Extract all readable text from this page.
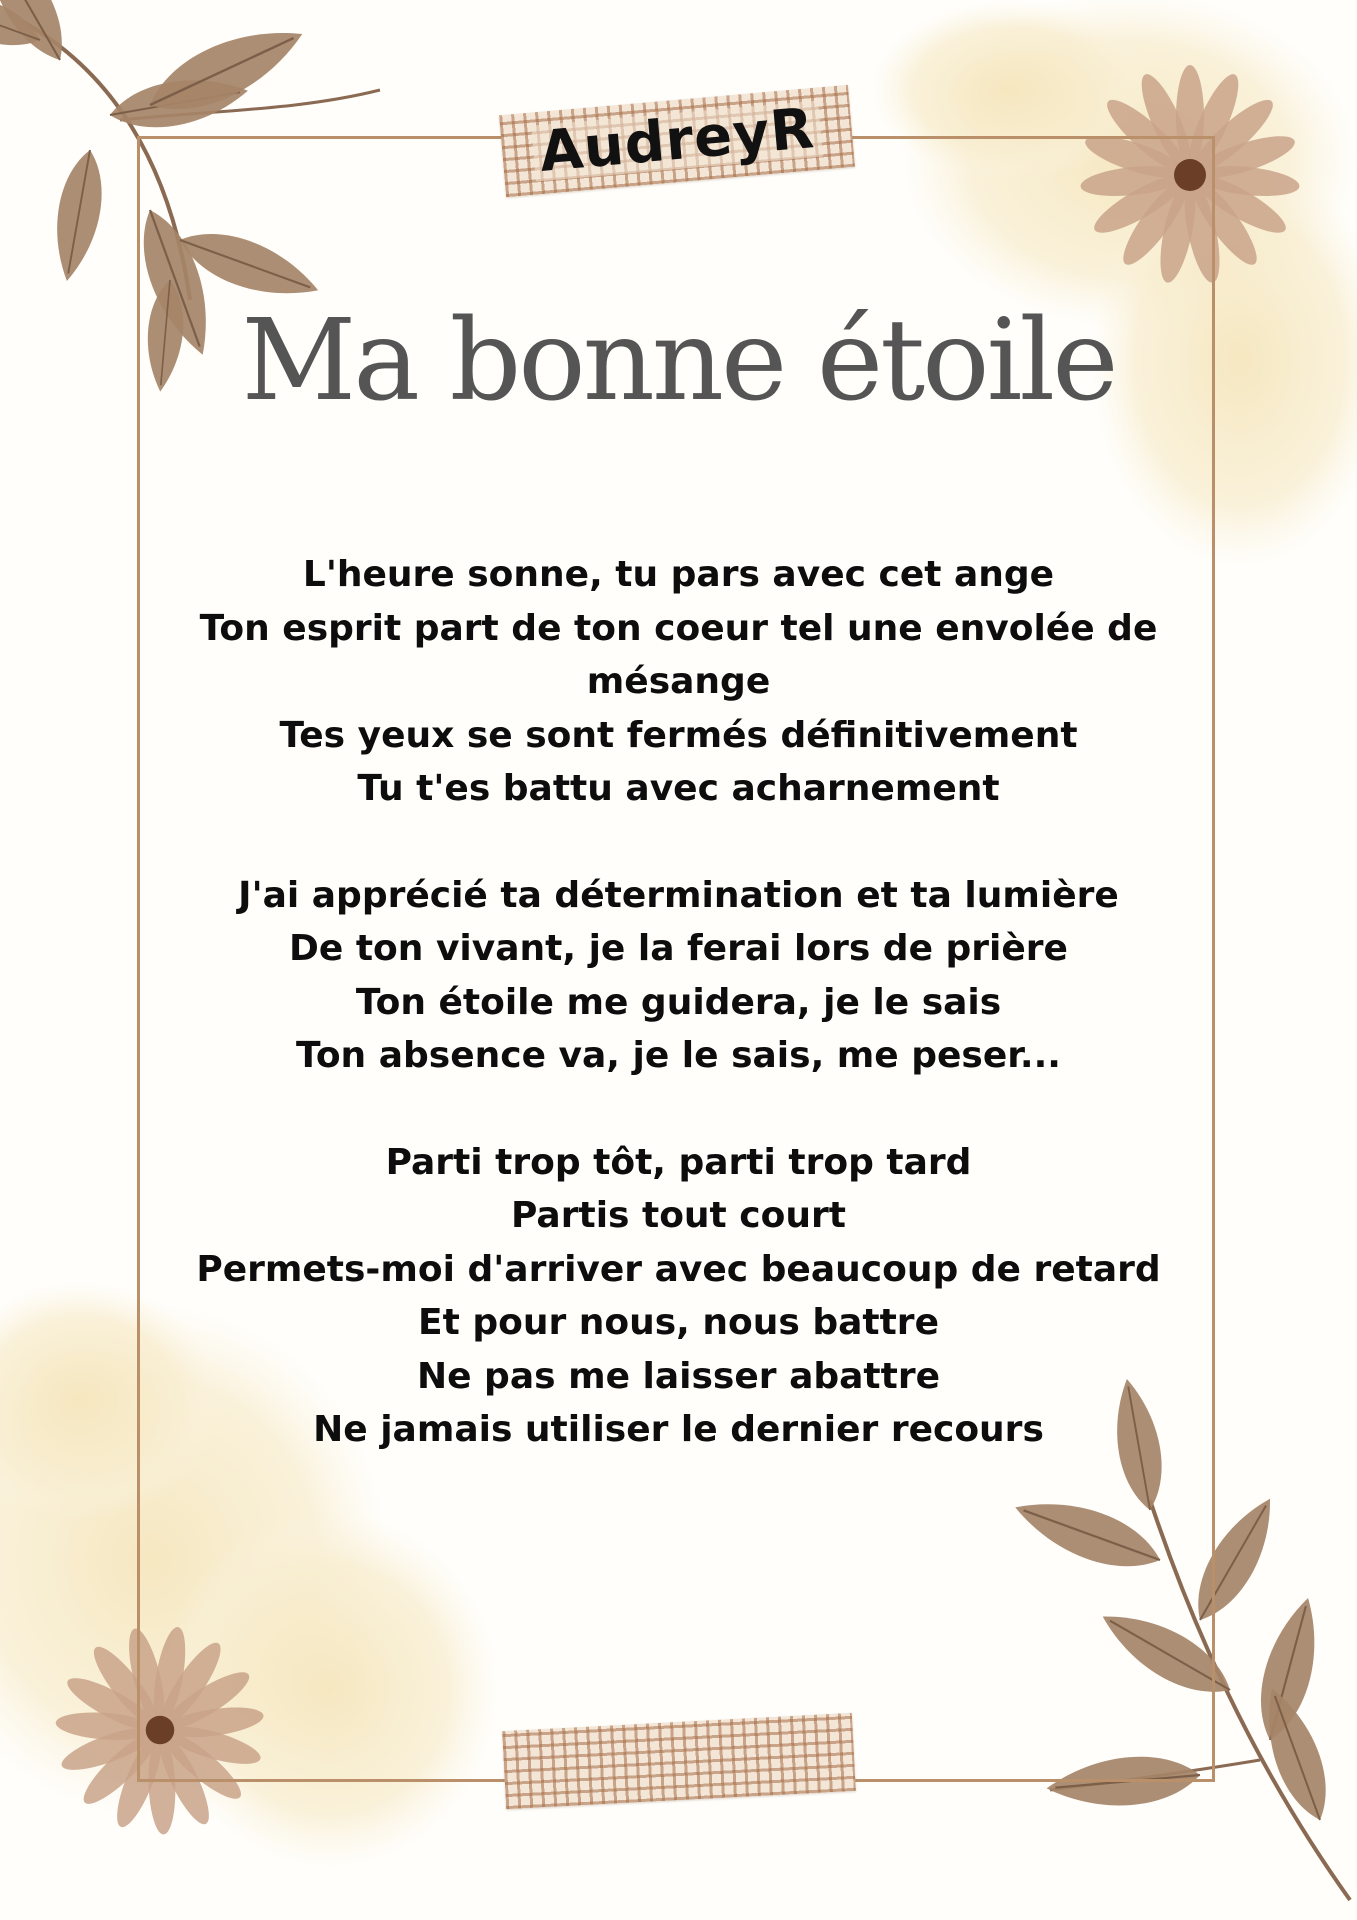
AudreyR
Ma bonne étoile
L'heure sonne, tu pars avec cet ange
Ton esprit part de ton coeur tel une envolée de
mésange
Tes yeux se sont fermés définitivement
Tu t'es battu avec acharnement
J'ai apprécié ta détermination et ta lumière
De ton vivant, je la ferai lors de prière
Ton étoile me guidera, je le sais
Ton absence va, je le sais, me peser...
Parti trop tôt, parti trop tard
Partis tout court
Permets-moi d'arriver avec beaucoup de retard
Et pour nous, nous battre
Ne pas me laisser abattre
Ne jamais utiliser le dernier recours
